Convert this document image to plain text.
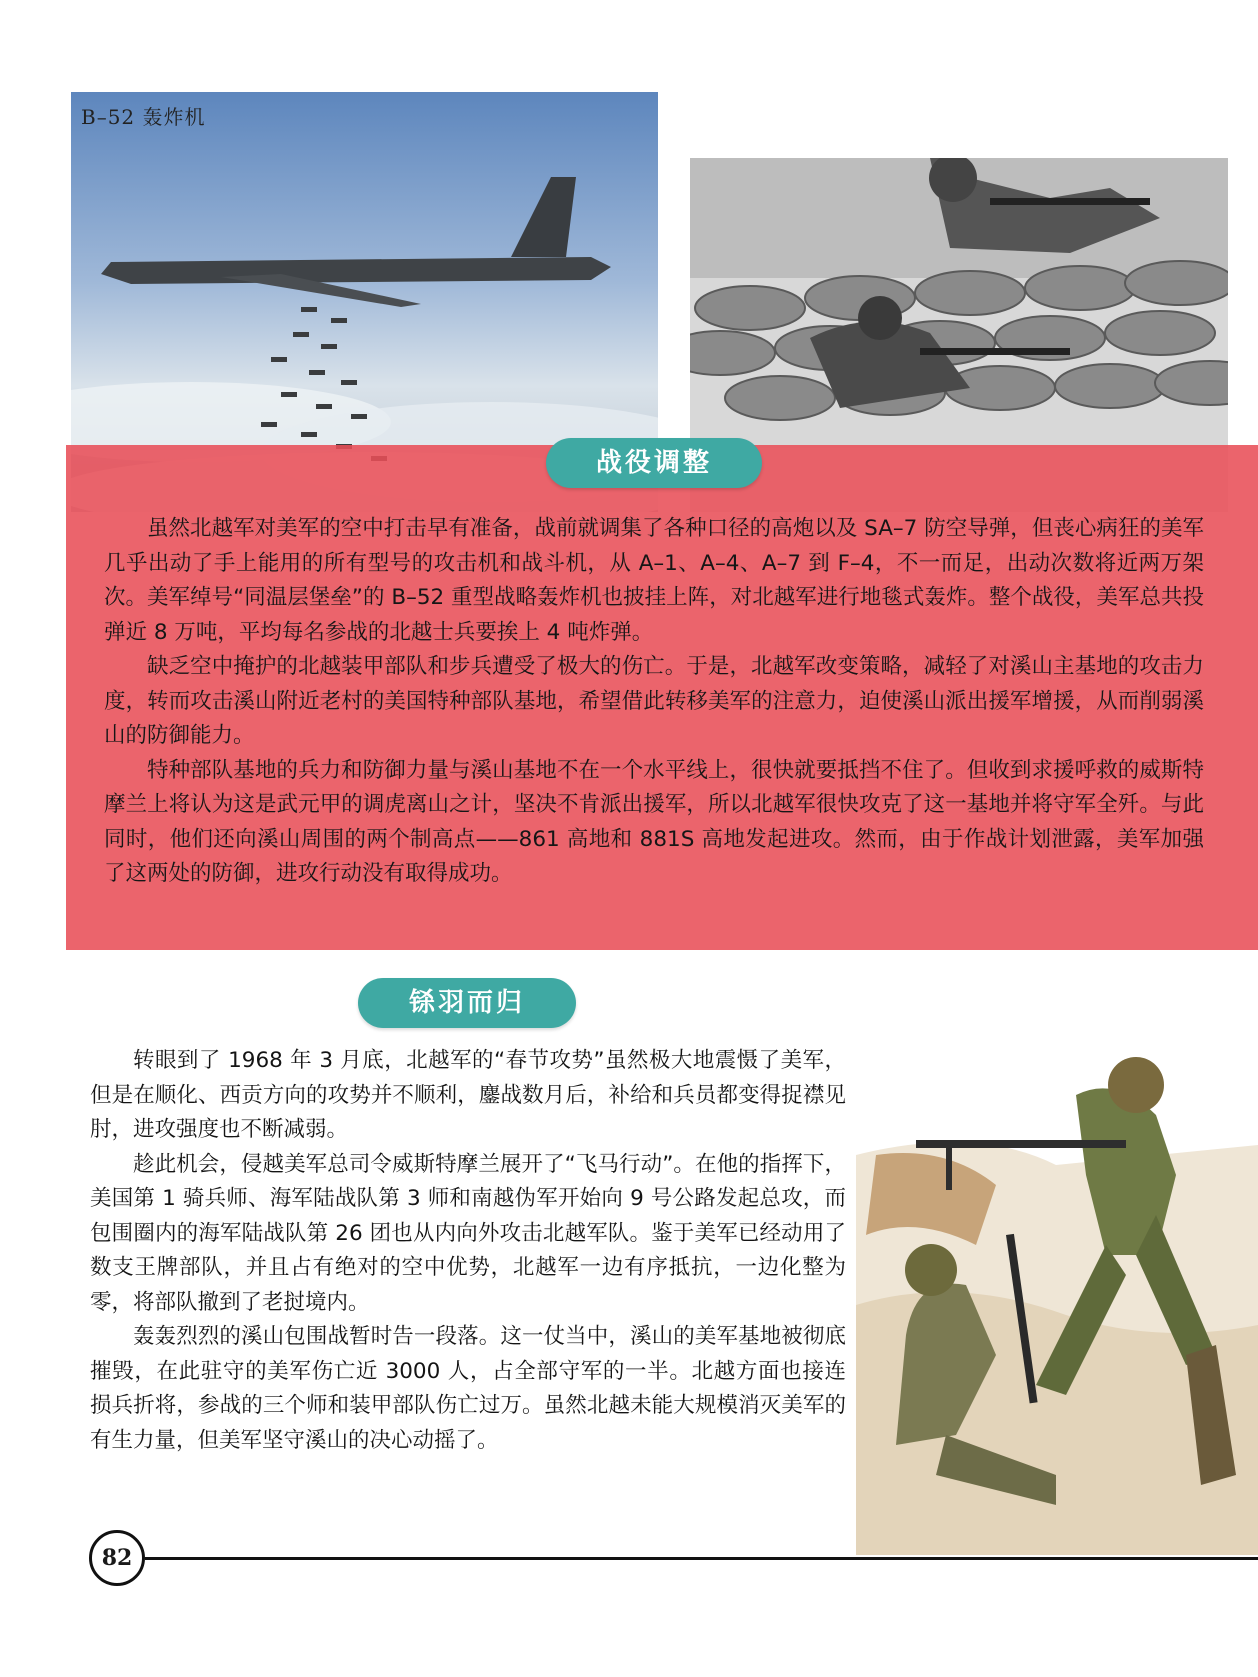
B–52 轰炸机
战役调整

虽然北越军对美军的空中打击早有准备，战前就调集了各种口径的高炮以及 SA–7 防空导弹，但丧心病狂的美军几乎出动了手上能用的所有型号的攻击机和战斗机，从 A–1、A–4、A–7 到 F–4，不一而足，出动次数将近两万架次。美军绰号“同温层堡垒”的 B–52 重型战略轰炸机也披挂上阵，对北越军进行地毯式轰炸。整个战役，美军总共投弹近 8 万吨，平均每名参战的北越士兵要挨上 4 吨炸弹。

缺乏空中掩护的北越装甲部队和步兵遭受了极大的伤亡。于是，北越军改变策略，减轻了对溪山主基地的攻击力度，转而攻击溪山附近老村的美国特种部队基地，希望借此转移美军的注意力，迫使溪山派出援军增援，从而削弱溪山的防御能力。

特种部队基地的兵力和防御力量与溪山基地不在一个水平线上，很快就要抵挡不住了。但收到求援呼救的威斯特摩兰上将认为这是武元甲的调虎离山之计，坚决不肯派出援军，所以北越军很快攻克了这一基地并将守军全歼。与此同时，他们还向溪山周围的两个制高点——861 高地和 881S 高地发起进攻。然而，由于作战计划泄露，美军加强了这两处的防御，进攻行动没有取得成功。

铩羽而归

转眼到了 1968 年 3 月底，北越军的“春节攻势”虽然极大地震慑了美军，但是在顺化、西贡方向的攻势并不顺利，鏖战数月后，补给和兵员都变得捉襟见肘，进攻强度也不断减弱。

趁此机会，侵越美军总司令威斯特摩兰展开了“飞马行动”。在他的指挥下，美国第 1 骑兵师、海军陆战队第 3 师和南越伪军开始向 9 号公路发起总攻，而包围圈内的海军陆战队第 26 团也从内向外攻击北越军队。鉴于美军已经动用了数支王牌部队，并且占有绝对的空中优势，北越军一边有序抵抗，一边化整为零，将部队撤到了老挝境内。

轰轰烈烈的溪山包围战暂时告一段落。这一仗当中，溪山的美军基地被彻底摧毁，在此驻守的美军伤亡近 3000 人，占全部守军的一半。北越方面也接连损兵折将，参战的三个师和装甲部队伤亡过万。虽然北越未能大规模消灭美军的有生力量，但美军坚守溪山的决心动摇了。

82
